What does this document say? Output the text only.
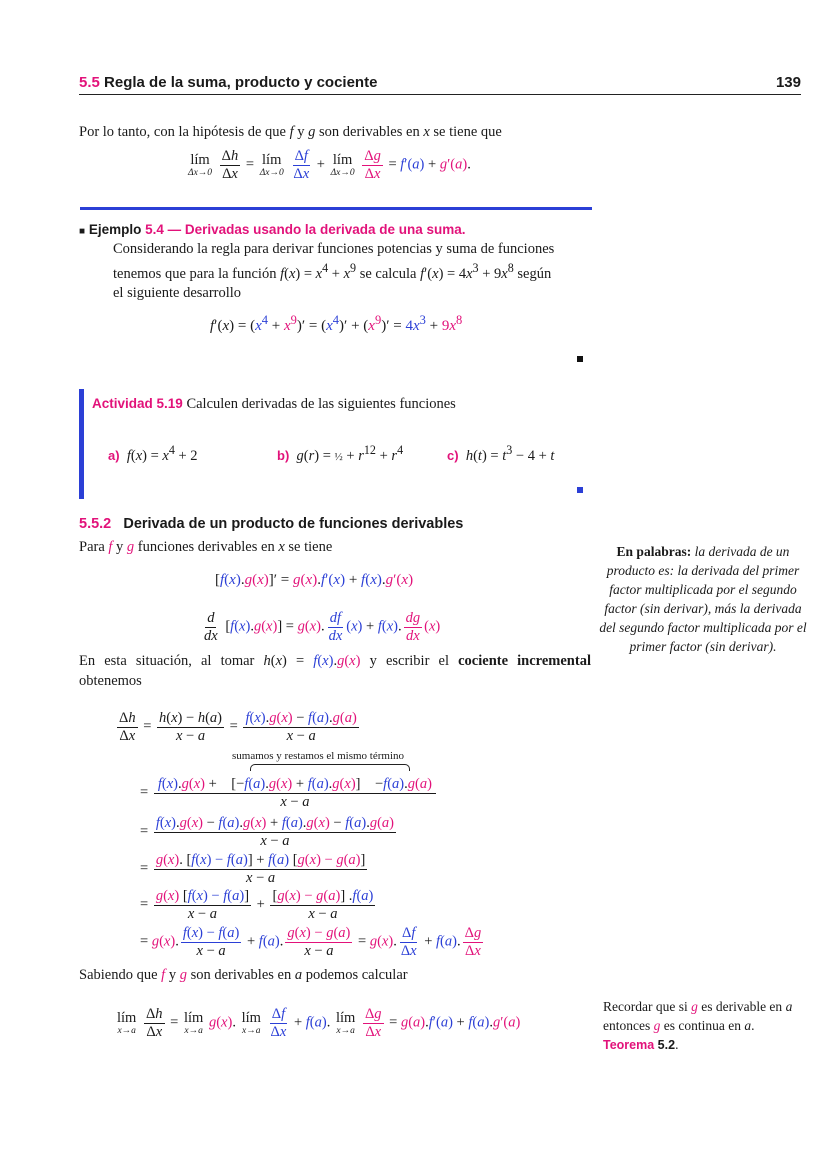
5.5 Regla de la suma, producto y cociente	139
Por lo tanto, con la hipótesis de que f y g son derivables en x se tiene que
lím
Δx→0
$\frac{\Delta h}{\Delta x}$ = lím
Δx→0
$\frac{\Delta f}{\Delta x}$ + lím
Δx→0
$\frac{\Delta g}{\Delta x} = f'(a) + g'(a)$.
■ Ejemplo 5.4 — Derivadas usando la derivada de una suma.
Considerando la regla para derivar funciones potencias y suma de funciones
tenemos que para la función $f(x) = x^4 + x^9$ se calcula $f'(x) = 4x^3 + 9x^8$ según
el siguiente desarrollo
$f'(x) = (x^4 + x^9)' = (x^4)' + (x^9)' = 4x^3 + 9x^8$
Actividad 5.19 Calculen derivadas de las siguientes funciones
a) $f(x) = x^4 + 2$	b) g(r) = ½ + $r^{12} + r^4$	c) $h(t) = t^3 - 4 + t$
5.5.2 Derivada de un producto de funciones derivables
Para f y g funciones derivables en x se tiene
[f(x).g(x)]′ = g(x).f′(x) + f(x).g′(x)
$\frac{d}{dx} [f(x).g(x)] = g(x)$. $\frac{df}{dx} (x) + f(x)$. $\frac{dg}{dx} (x)$
En esta situación, al tomar h(x) = f(x).g(x) y escribir el cociente incremental obtenemos
$\frac{\Delta h}{\Delta x} = \frac{h(x) - h(a)}{x - a} = \frac{f(x).g(x) - f(a).g(a)}{x - a}$
sumamos y restamos el mismo término
= $\frac{f(x).g(x) + [-f(a).g(x) + f(a).g(x)] -f(a).g(a)}{x - a}$
= $\frac{f(x).g(x) - f(a).g(x) + f(a).g(x) - f(a).g(a)}{x - a}$
= $\frac{g(x). [f(x) - f(a)] + f(a) [g(x) - g(a)]}{x - a}$
= $\frac{g(x) [f(x) - f(a)]}{x - a} + \frac{[g(x) - g(a)] .f(a)}{x - a}$
= g(x). $\frac{f(x) - f(a)}{x - a} + f(a)$. $\frac{g(x) - g(a)}{x - a} = g(x)$. $\frac{\Delta f}{\Delta x} + f(a)$. $\frac{\Delta g}{\Delta x}$
Sabiendo que f y g son derivables en a podemos calcular
lím
x→a
$\frac{\Delta h}{\Delta x}$ = lím
x→a
g(x). lím
x→a
$\frac{\Delta f}{\Delta x} + f(a)$. lím
x→a
$\frac{\Delta g}{\Delta x} = g(a).f'(a) + f(a).g'(a)$
En palabras: la derivada de un producto es: la derivada del primer factor multiplicada por el segundo factor (sin derivar), más la derivada del segundo factor multiplicada por el primer factor (sin derivar).
Recordar que si g es derivable en a entonces g es continua en a.
Teorema 5.2.
